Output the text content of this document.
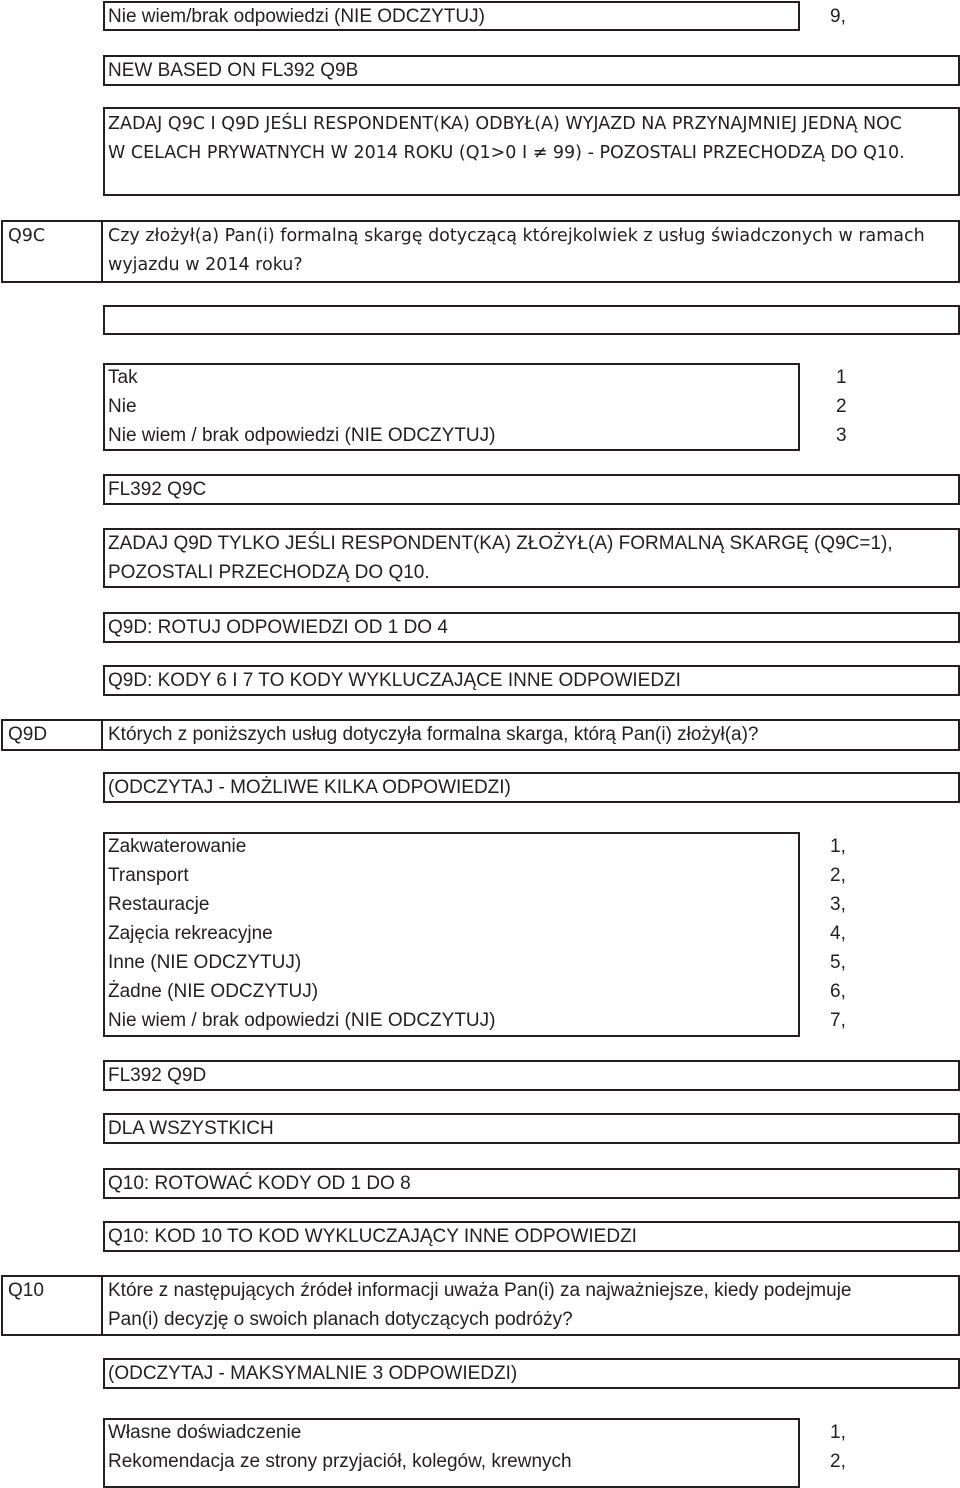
Nie wiem/brak odpowiedzi (NIE ODCZYTUJ)	9,
NEW BASED ON FL392 Q9B
ZADAJ Q9C I Q9D JEŚLI RESPONDENT(KA) ODBYŁ(A) WYJAZD NA PRZYNAJMNIEJ JEDNĄ NOC
W CELACH PRYWATNYCH W 2014 ROKU (Q1>0 I ≠ 99) - POZOSTALI PRZECHODZĄ DO Q10.
Q9C	Czy złożył(a) Pan(i) formalną skargę dotyczącą którejkolwiek z usług świadczonych w ramach
wyjazdu w 2014 roku?
Tak	1
Nie	2
Nie wiem / brak odpowiedzi (NIE ODCZYTUJ)	3
FL392 Q9C
ZADAJ Q9D TYLKO JEŚLI RESPONDENT(KA) ZŁOŻYŁ(A) FORMALNĄ SKARGĘ (Q9C=1),
POZOSTALI PRZECHODZĄ DO Q10.
Q9D: ROTUJ ODPOWIEDZI OD 1 DO 4
Q9D: KODY 6 I 7 TO KODY WYKLUCZAJĄCE INNE ODPOWIEDZI
Q9D	Których z poniższych usług dotyczyła formalna skarga, którą Pan(i) złożył(a)?
(ODCZYTAJ - MOŻLIWE KILKA ODPOWIEDZI)
Zakwaterowanie	1,
Transport	2,
Restauracje	3,
Zajęcia rekreacyjne	4,
Inne (NIE ODCZYTUJ)	5,
Żadne (NIE ODCZYTUJ)	6,
Nie wiem / brak odpowiedzi (NIE ODCZYTUJ)	7,
FL392 Q9D
DLA WSZYSTKICH
Q10: ROTOWAĆ KODY OD 1 DO 8
Q10: KOD 10 TO KOD WYKLUCZAJĄCY INNE ODPOWIEDZI
Q10	Które z następujących źródeł informacji uważa Pan(i) za najważniejsze, kiedy podejmuje
Pan(i) decyzję o swoich planach dotyczących podróży?
(ODCZYTAJ - MAKSYMALNIE 3 ODPOWIEDZI)
Własne doświadczenie	1,
Rekomendacja ze strony przyjaciół, kolegów, krewnych	2,
